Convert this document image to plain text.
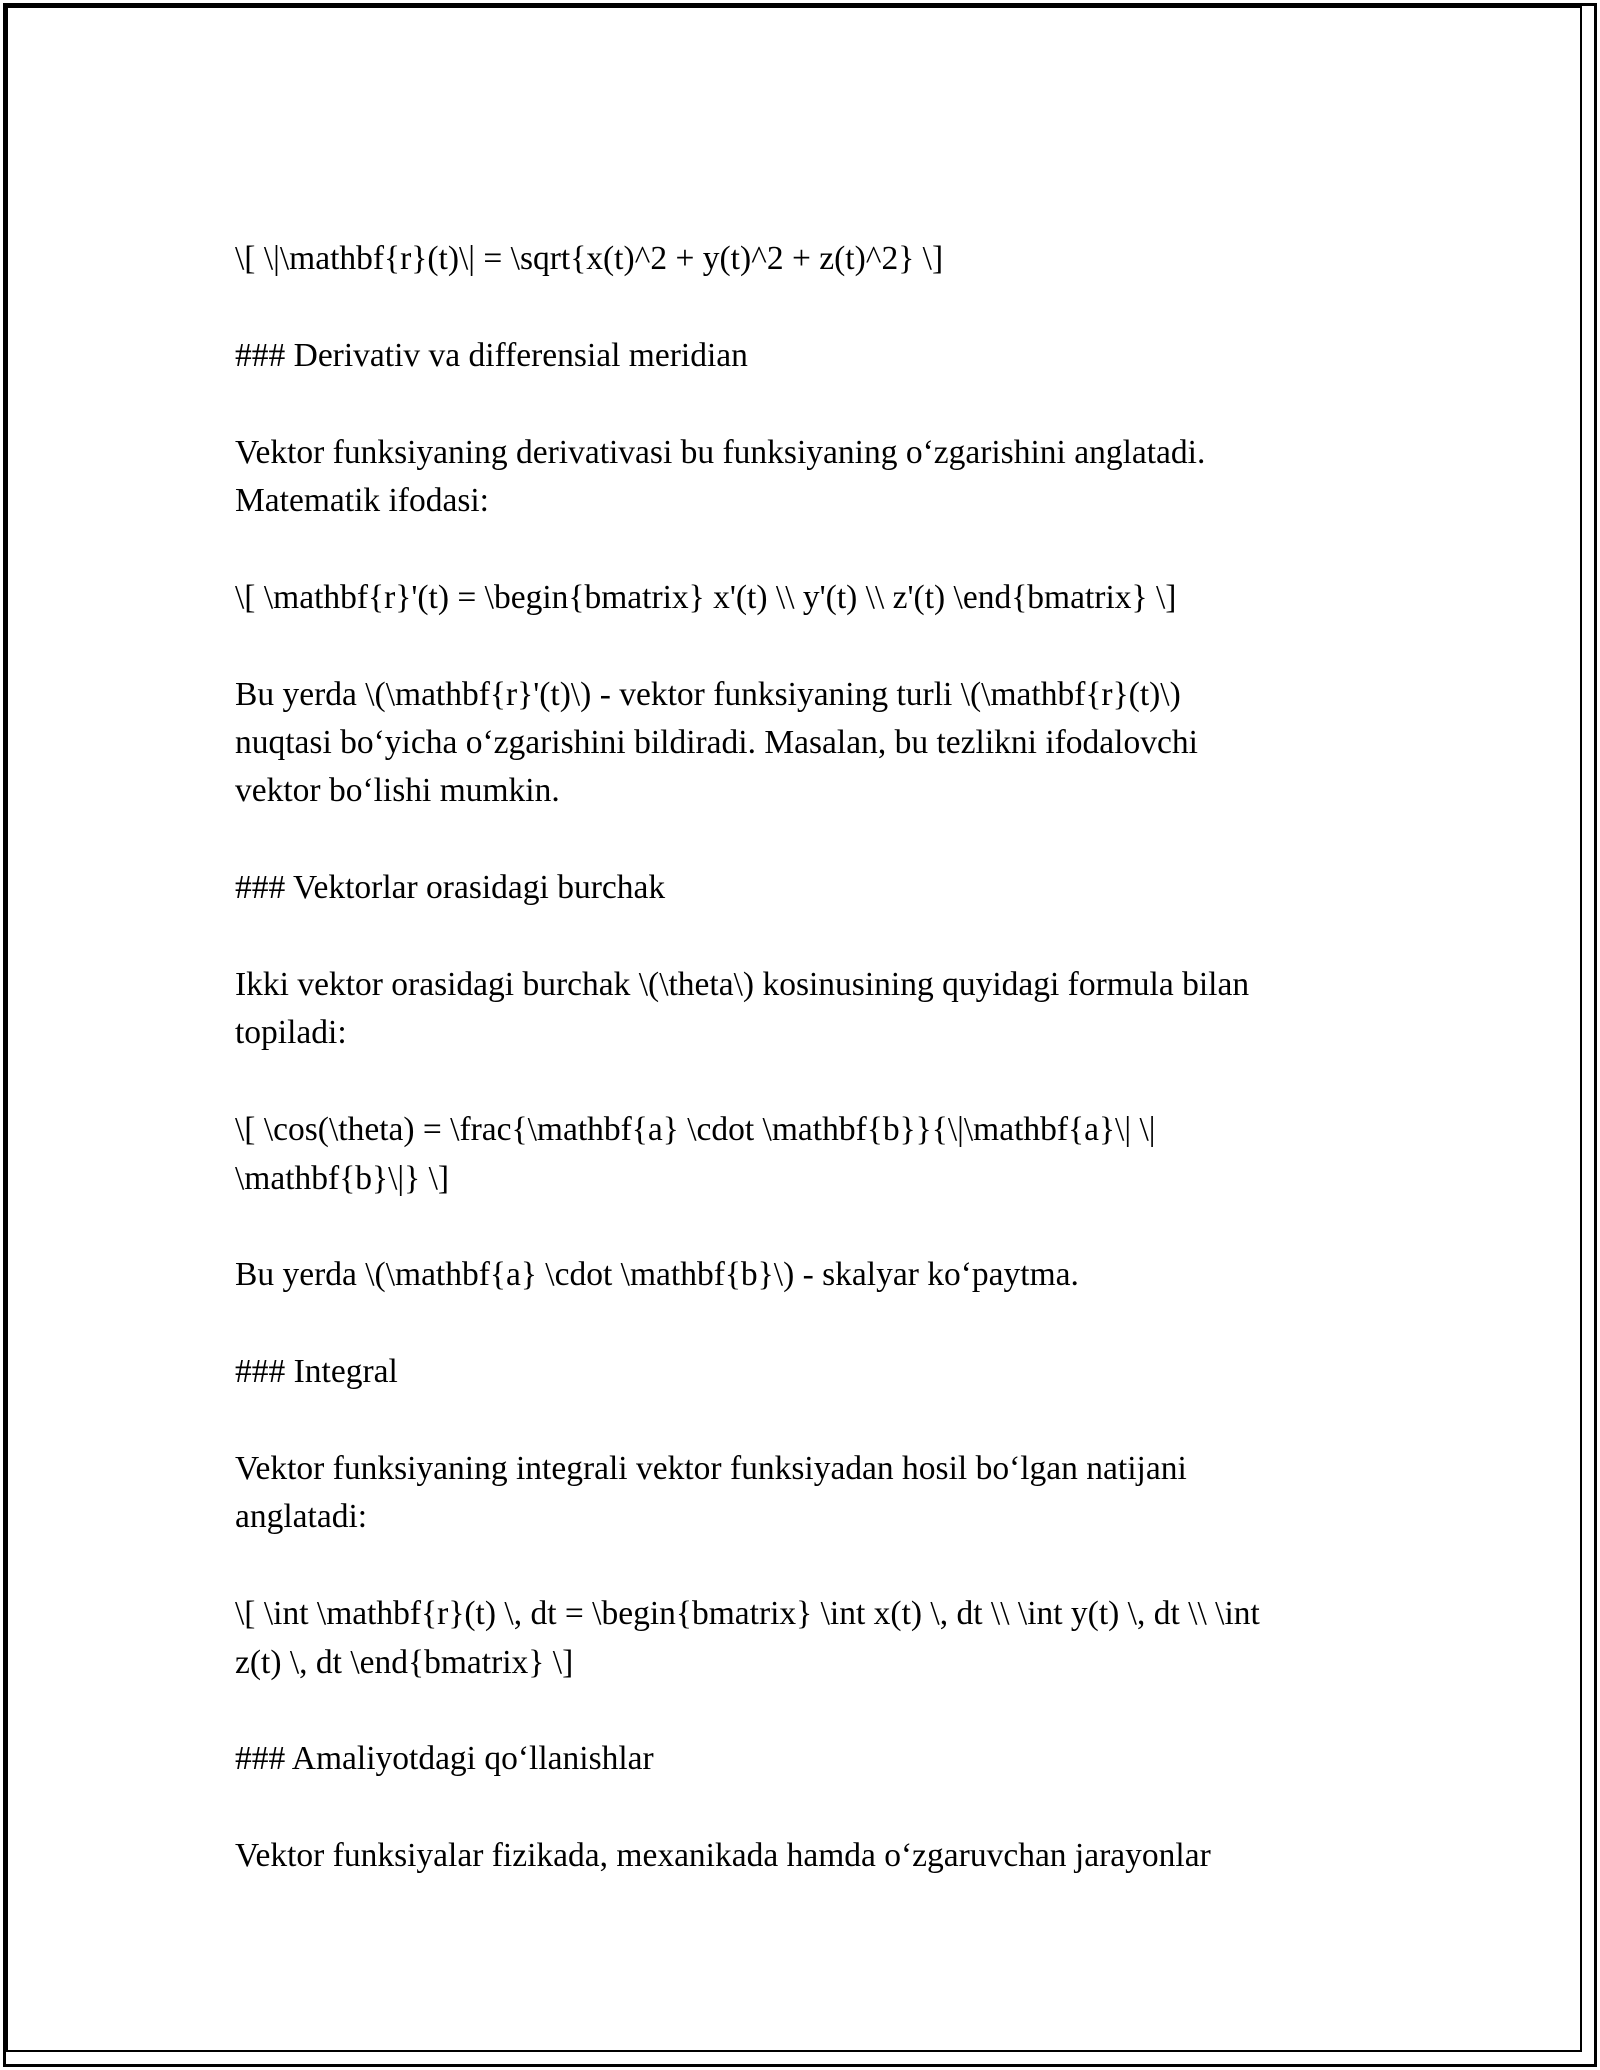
\[ \|\mathbf{r}(t)\| = \sqrt{x(t)^2 + y(t)^2 + z(t)^2} \]
### Derivativ va differensial meridian
Vektor funksiyaning derivativasi bu funksiyaning o‘zgarishini anglatadi.
Matematik ifodasi:
\[ \mathbf{r}'(t) = \begin{bmatrix} x'(t) \\ y'(t) \\ z'(t) \end{bmatrix} \]
Bu yerda \(\mathbf{r}'(t)\) - vektor funksiyaning turli \(\mathbf{r}(t)\)
nuqtasi bo‘yicha o‘zgarishini bildiradi. Masalan, bu tezlikni ifodalovchi
vektor bo‘lishi mumkin.
### Vektorlar orasidagi burchak
Ikki vektor orasidagi burchak \(\theta\) kosinusining quyidagi formula bilan
topiladi:
\[ \cos(\theta) = \frac{\mathbf{a} \cdot \mathbf{b}}{\|\mathbf{a}\| \|
\mathbf{b}\|} \]
Bu yerda \(\mathbf{a} \cdot \mathbf{b}\) - skalyar ko‘paytma.
### Integral
Vektor funksiyaning integrali vektor funksiyadan hosil bo‘lgan natijani
anglatadi:
\[ \int \mathbf{r}(t) \, dt = \begin{bmatrix} \int x(t) \, dt \\ \int y(t) \, dt \\ \int
z(t) \, dt \end{bmatrix} \]
### Amaliyotdagi qo‘llanishlar
Vektor funksiyalar fizikada, mexanikada hamda o‘zgaruvchan jarayonlar
